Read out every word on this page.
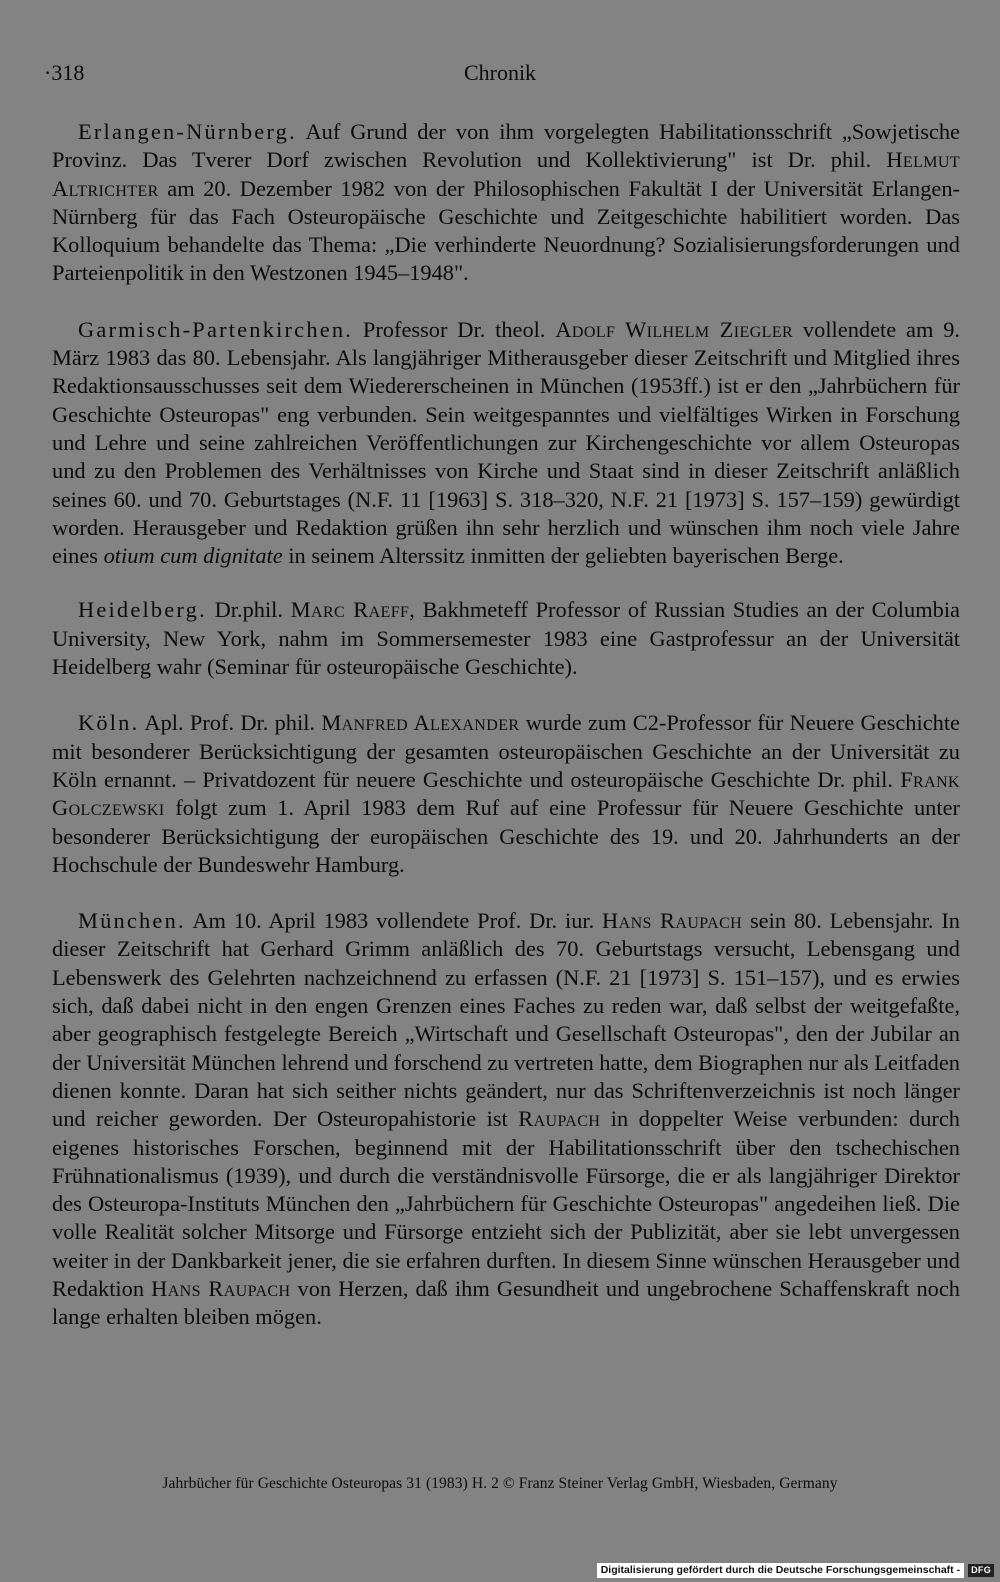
·318	Chronik

Erlangen-Nürnberg. Auf Grund der von ihm vorgelegten Habilitationsschrift „Sowjetische Provinz. Das Tverer Dorf zwischen Revolution und Kollektivierung" ist Dr. phil. Helmut Altrichter am 20. Dezember 1982 von der Philosophischen Fakultät I der Universität Erlangen-Nürnberg für das Fach Osteuropäische Geschichte und Zeitgeschichte habilitiert worden. Das Kolloquium behandelte das Thema: „Die verhinderte Neuordnung? Sozialisierungsforderungen und Parteienpolitik in den Westzonen 1945–1948".

Garmisch-Partenkirchen. Professor Dr. theol. Adolf Wilhelm Ziegler vollendete am 9. März 1983 das 80. Lebensjahr. Als langjähriger Mitherausgeber dieser Zeitschrift und Mitglied ihres Redaktionsausschusses seit dem Wiedererscheinen in München (1953ff.) ist er den „Jahrbüchern für Geschichte Osteuropas" eng verbunden. Sein weitgespanntes und vielfältiges Wirken in Forschung und Lehre und seine zahlreichen Veröffentlichungen zur Kirchengeschichte vor allem Osteuropas und zu den Problemen des Verhältnisses von Kirche und Staat sind in dieser Zeitschrift anläßlich seines 60. und 70. Geburtstages (N.F. 11 [1963] S. 318–320, N.F. 21 [1973] S. 157–159) gewürdigt worden. Herausgeber und Redaktion grüßen ihn sehr herzlich und wünschen ihm noch viele Jahre eines otium cum dignitate in seinem Alterssitz inmitten der geliebten bayerischen Berge.

Heidelberg. Dr.phil. Marc Raeff, Bakhmeteff Professor of Russian Studies an der Columbia University, New York, nahm im Sommersemester 1983 eine Gastprofessur an der Universität Heidelberg wahr (Seminar für osteuropäische Geschichte).

Köln. Apl. Prof. Dr. phil. Manfred Alexander wurde zum C2-Professor für Neuere Geschichte mit besonderer Berücksichtigung der gesamten osteuropäischen Geschichte an der Universität zu Köln ernannt. – Privatdozent für neuere Geschichte und osteuropäische Geschichte Dr. phil. Frank Golczewski folgt zum 1. April 1983 dem Ruf auf eine Professur für Neuere Geschichte unter besonderer Berücksichtigung der europäischen Geschichte des 19. und 20. Jahrhunderts an der Hochschule der Bundeswehr Hamburg.

München. Am 10. April 1983 vollendete Prof. Dr. iur. Hans Raupach sein 80. Lebensjahr. In dieser Zeitschrift hat Gerhard Grimm anläßlich des 70. Geburtstags versucht, Lebensgang und Lebenswerk des Gelehrten nachzeichnend zu erfassen (N.F. 21 [1973] S. 151–157), und es erwies sich, daß dabei nicht in den engen Grenzen eines Faches zu reden war, daß selbst der weitgefaßte, aber geographisch festgelegte Bereich „Wirtschaft und Gesellschaft Osteuropas", den der Jubilar an der Universität München lehrend und forschend zu vertreten hatte, dem Biographen nur als Leitfaden dienen konnte. Daran hat sich seither nichts geändert, nur das Schriftenverzeichnis ist noch länger und reicher geworden. Der Osteuropahistorie ist Raupach in doppelter Weise verbunden: durch eigenes historisches Forschen, beginnend mit der Habilitationsschrift über den tschechischen Frühnationalismus (1939), und durch die verständnisvolle Fürsorge, die er als langjähriger Direktor des Osteuropa-Instituts München den „Jahrbüchern für Geschichte Osteuropas" angedeihen ließ. Die volle Realität solcher Mitsorge und Fürsorge entzieht sich der Publizität, aber sie lebt unvergessen weiter in der Dankbarkeit jener, die sie erfahren durften. In diesem Sinne wünschen Herausgeber und Redaktion Hans Raupach von Herzen, daß ihm Gesundheit und ungebrochene Schaffenskraft noch lange erhalten bleiben mögen.

Jahrbücher für Geschichte Osteuropas 31 (1983) H. 2 © Franz Steiner Verlag GmbH, Wiesbaden, Germany
Digitalisierung gefördert durch die Deutsche Forschungsgemeinschaft -	DFG
